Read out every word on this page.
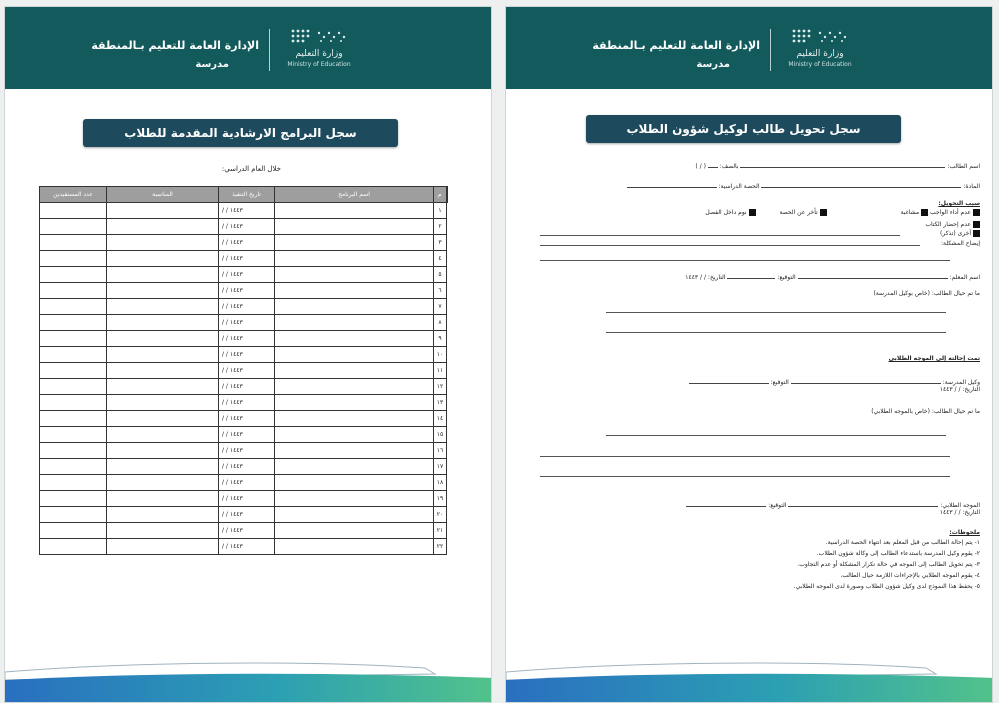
وزارة التعليم
Ministry of Education
الإدارة العامة للتعليم بـالمنطقة
مدرسة
سجل البرامج الارشادية المقدمة للطلاب
خلال العام الدراسي:
م	اسم البرنامج	تاريخ التنفيذ	المناسبة	عدد المستفيدين
١		/ / ١٤٤٣		
٢		/ / ١٤٤٣		
٣		/ / ١٤٤٣		
٤		/ / ١٤٤٣		
٥		/ / ١٤٤٣		
٦		/ / ١٤٤٣		
٧		/ / ١٤٤٣		
٨		/ / ١٤٤٣		
٩		/ / ١٤٤٣		
١٠		/ / ١٤٤٣		
١١		/ / ١٤٤٣		
١٢		/ / ١٤٤٣		
١٣		/ / ١٤٤٣		
١٤		/ / ١٤٤٣		
١٥		/ / ١٤٤٣		
١٦		/ / ١٤٤٣		
١٧		/ / ١٤٤٣		
١٨		/ / ١٤٤٣		
١٩		/ / ١٤٤٣		
٢٠		/ / ١٤٤٣		
٢١		/ / ١٤٤٣		
٢٢		/ / ١٤٤٣		
وزارة التعليم
Ministry of Education
الإدارة العامة للتعليم بـالمنطقة
مدرسة
سجل تحويل طالب لوكيل شؤون الطلاب
اسم الطالب:  بالصف:  ( / )
المادة:  الحصة الدراسية:
سبب التحويل:
عدم أداء الواجب مشاغبة  تأخر عن الحصة  نوم داخل الفصل
عدم إحضار الكتاب
أخرى (تذكر)
إيضاح المشكلة:
اسم المعلم:  التوقيع:  التاريخ: / / ١٤٤٣
ما تم حيال الطالب: (خاص بوكيل المدرسة)
تمت إحالته إلى الموجه الطلابي
وكيل المدرسة:  التوقيع:
التاريخ: / / ١٤٤٣
ما تم حيال الطالب: (خاص بالموجه الطلابي)
الموجه الطلابي:  التوقيع:
التاريخ: / / ١٤٤٣
ملحوظات:
١- يتم إحالة الطالب من قبل المعلم بعد انتهاء الحصة الدراسية.
٢- يقوم وكيل المدرسة باستدعاء الطالب إلى وكالة شؤون الطلاب.
٣- يتم تحويل الطالب إلى الموجه في حالة تكرار المشكلة أو عدم التجاوب.
٤- يقوم الموجه الطلابي بالإجراءات اللازمة حيال الطالب.
٥- يحفظ هذا النموذج لدى وكيل شؤون الطلاب وصورة لدى الموجه الطلابي.
